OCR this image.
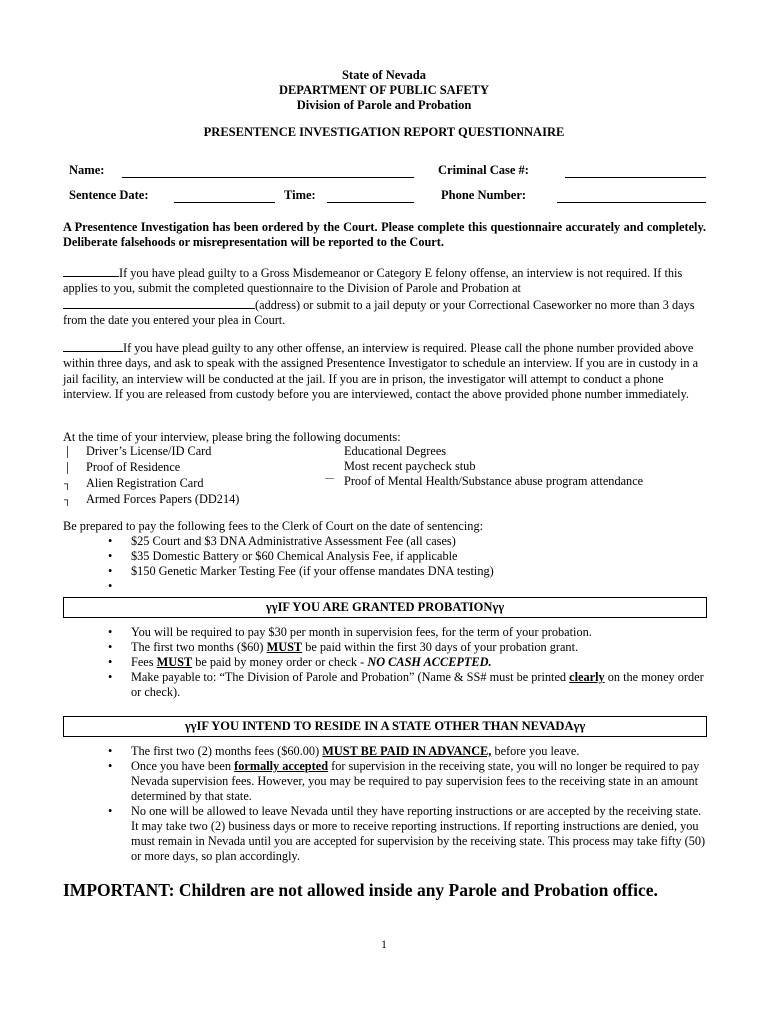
State of Nevada
DEPARTMENT OF PUBLIC SAFETY
Division of Parole and Probation
PRESENTENCE INVESTIGATION REPORT QUESTIONNAIRE
Name:	Criminal Case #:
Sentence Date:	Time:	Phone Number:
A Presentence Investigation has been ordered by the Court. Please complete this questionnaire accurately and completely. Deliberate falsehoods or misrepresentation will be reported to the Court.
If you have plead guilty to a Gross Misdemeanor or Category E felony offense, an interview is not required. If this applies to you, submit the completed questionnaire to the Division of Parole and Probation at (address) or submit to a jail deputy or your Correctional Caseworker no more than 3 days from the date you entered your plea in Court.
If you have plead guilty to any other offense, an interview is required. Please call the phone number provided above within three days, and ask to speak with the assigned Presentence Investigator to schedule an interview. If you are in custody in a jail facility, an interview will be conducted at the jail. If you are in prison, the investigator will attempt to conduct a phone interview. If you are released from custody before you are interviewed, contact the above provided phone number immediately.
At the time of your interview, please bring the following documents:
│ Driver’s License/ID Card
│ Proof of Residence
┐ Alien Registration Card
┐ Armed Forces Papers (DD214)
Educational Degrees
Most recent paycheck stub
Proof of Mental Health/Substance abuse program attendance
—
Be prepared to pay the following fees to the Clerk of Court on the date of sentencing:
• $25 Court and $3 DNA Administrative Assessment Fee (all cases)
• $35 Domestic Battery or $60 Chemical Analysis Fee, if applicable
• $150 Genetic Marker Testing Fee (if your offense mandates DNA testing)
•
γγIF YOU ARE GRANTED PROBATIONγγ
• You will be required to pay $30 per month in supervision fees, for the term of your probation.
• The first two months ($60) MUST be paid within the first 30 days of your probation grant.
• Fees MUST be paid by money order or check - NO CASH ACCEPTED.
• Make payable to: “The Division of Parole and Probation” (Name & SS# must be printed clearly on the money order or check).
γγIF YOU INTEND TO RESIDE IN A STATE OTHER THAN NEVADAγγ
• The first two (2) months fees ($60.00) MUST BE PAID IN ADVANCE, before you leave.
• Once you have been formally accepted for supervision in the receiving state, you will no longer be required to pay Nevada supervision fees. However, you may be required to pay supervision fees to the receiving state in an amount determined by that state.
• No one will be allowed to leave Nevada until they have reporting instructions or are accepted by the receiving state. It may take two (2) business days or more to receive reporting instructions. If reporting instructions are denied, you must remain in Nevada until you are accepted for supervision by the receiving state. This process may take fifty (50) or more days, so plan accordingly.
IMPORTANT: Children are not allowed inside any Parole and Probation office.
1
